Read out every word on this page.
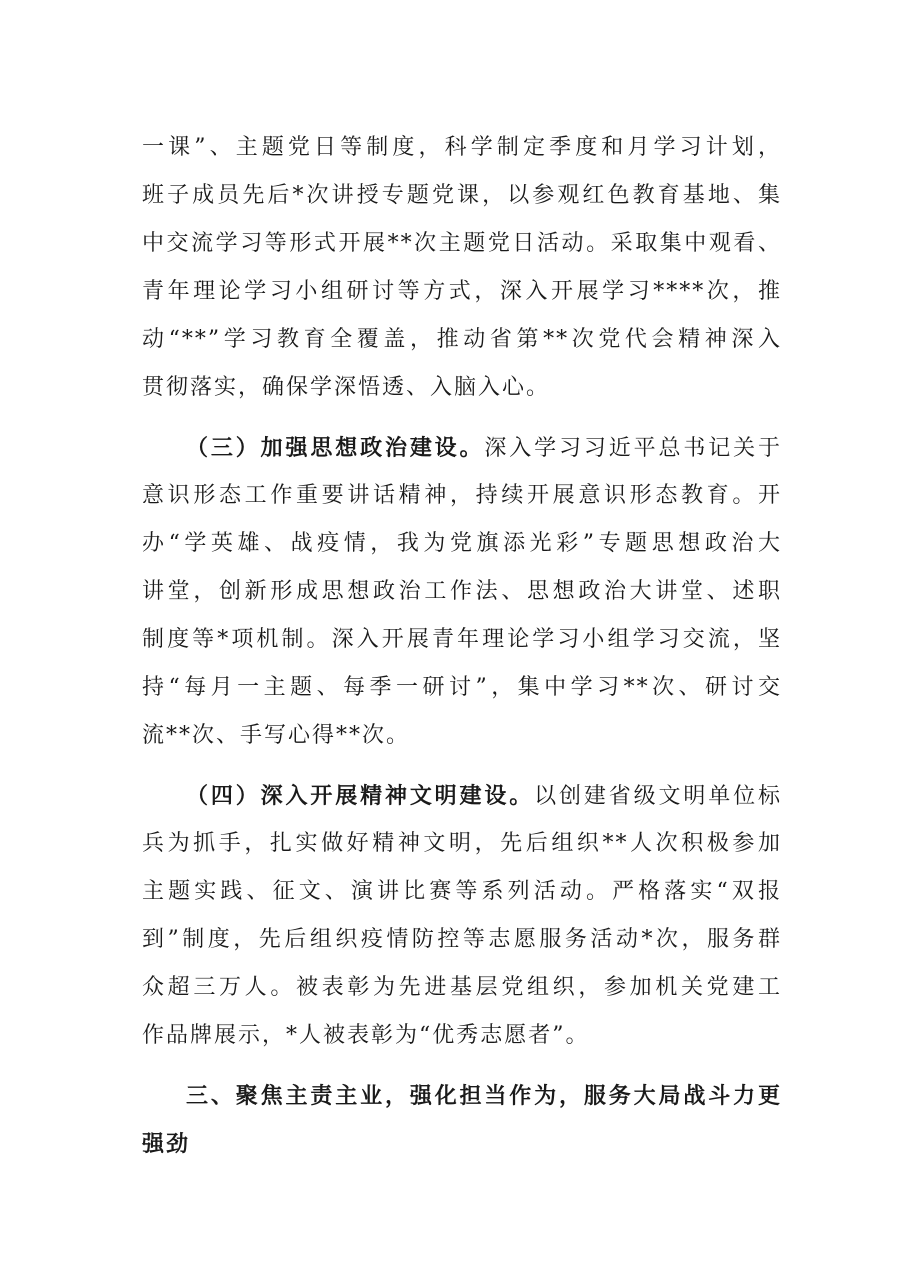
一课”、主题党日等制度，科学制定季度和月学习计划，
班子成员先后*次讲授专题党课，以参观红色教育基地、集
中交流学习等形式开展**次主题党日活动。采取集中观看、
青年理论学习小组研讨等方式，深入开展学习****次，推
动“**”学习教育全覆盖，推动省第**次党代会精神深入
贯彻落实，确保学深悟透、入脑入心。
（三）加强思想政治建设。深入学习习近平总书记关于
意识形态工作重要讲话精神，持续开展意识形态教育。开
办“学英雄、战疫情，我为党旗添光彩”专题思想政治大
讲堂，创新形成思想政治工作法、思想政治大讲堂、述职
制度等*项机制。深入开展青年理论学习小组学习交流，坚
持“每月一主题、每季一研讨”，集中学习**次、研讨交
流**次、手写心得**次。
（四）深入开展精神文明建设。以创建省级文明单位标
兵为抓手，扎实做好精神文明，先后组织**人次积极参加
主题实践、征文、演讲比赛等系列活动。严格落实“双报
到”制度，先后组织疫情防控等志愿服务活动*次，服务群
众超三万人。被表彰为先进基层党组织，参加机关党建工
作品牌展示，*人被表彰为“优秀志愿者”。
三、聚焦主责主业，强化担当作为，服务大局战斗力更
强劲
